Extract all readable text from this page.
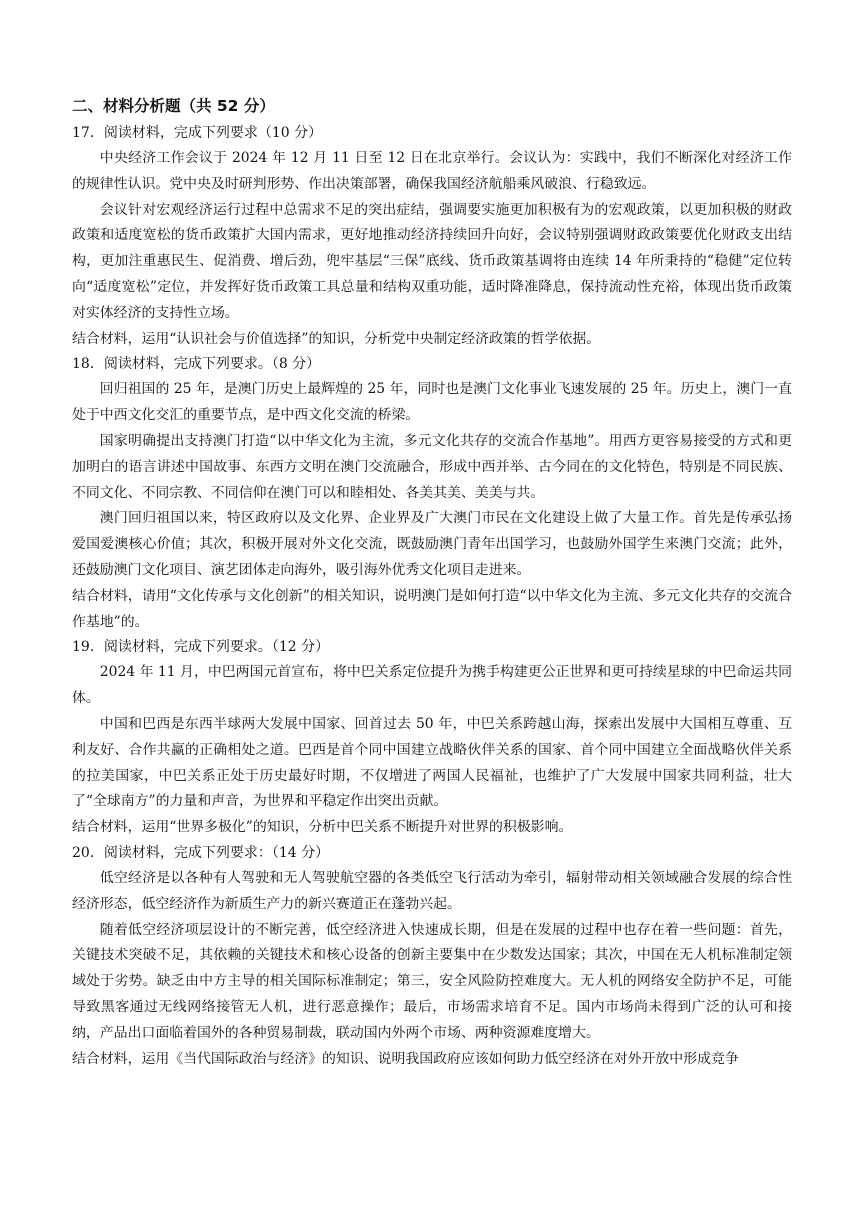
二、材料分析题（共 52 分）

17．阅读材料，完成下列要求（10 分）

中央经济工作会议于 2024 年 12 月 11 日至 12 日在北京举行。会议认为：实践中，我们不断深化对经济工作的规律性认识。党中央及时研判形势、作出决策部署，确保我国经济航船乘风破浪、行稳致远。

会议针对宏观经济运行过程中总需求不足的突出症结，强调要实施更加积极有为的宏观政策，以更加积极的财政政策和适度宽松的货币政策扩大国内需求，更好地推动经济持续回升向好，会议特别强调财政政策要优化财政支出结构，更加注重惠民生、促消费、增后劲，兜牢基层“三保”底线、货币政策基调将由连续 14 年所秉持的“稳健”定位转向“适度宽松”定位，并发挥好货币政策工具总量和结构双重功能，适时降准降息，保持流动性充裕，体现出货币政策对实体经济的支持性立场。

结合材料，运用“认识社会与价值选择”的知识，分析党中央制定经济政策的哲学依据。

18．阅读材料，完成下列要求。（8 分）

回归祖国的 25 年，是澳门历史上最辉煌的 25 年，同时也是澳门文化事业飞速发展的 25 年。历史上，澳门一直处于中西文化交汇的重要节点，是中西文化交流的桥梁。

国家明确提出支持澳门打造“以中华文化为主流，多元文化共存的交流合作基地”。用西方更容易接受的方式和更加明白的语言讲述中国故事、东西方文明在澳门交流融合，形成中西并举、古今同在的文化特色，特别是不同民族、不同文化、不同宗教、不同信仰在澳门可以和睦相处、各美其美、美美与共。

澳门回归祖国以来，特区政府以及文化界、企业界及广大澳门市民在文化建设上做了大量工作。首先是传承弘扬爱国爱澳核心价值；其次，积极开展对外文化交流，既鼓励澳门青年出国学习，也鼓励外国学生来澳门交流；此外，还鼓励澳门文化项目、演艺团体走向海外，吸引海外优秀文化项目走进来。

结合材料，请用“文化传承与文化创新”的相关知识，说明澳门是如何打造“以中华文化为主流、多元文化共存的交流合作基地”的。

19．阅读材料，完成下列要求。（12 分）

2024 年 11 月，中巴两国元首宣布，将中巴关系定位提升为携手构建更公正世界和更可持续星球的中巴命运共同体。

中国和巴西是东西半球两大发展中国家、回首过去 50 年，中巴关系跨越山海，探索出发展中大国相互尊重、互利友好、合作共赢的正确相处之道。巴西是首个同中国建立战略伙伴关系的国家、首个同中国建立全面战略伙伴关系的拉美国家，中巴关系正处于历史最好时期，不仅增进了两国人民福祉，也维护了广大发展中国家共同利益，壮大了“全球南方”的力量和声音，为世界和平稳定作出突出贡献。

结合材料，运用“世界多极化”的知识，分析中巴关系不断提升对世界的积极影响。

20．阅读材料，完成下列要求：（14 分）

低空经济是以各种有人驾驶和无人驾驶航空器的各类低空飞行活动为牵引，辐射带动相关领域融合发展的综合性经济形态，低空经济作为新质生产力的新兴赛道正在蓬勃兴起。

随着低空经济项层设计的不断完善，低空经济进入快速成长期，但是在发展的过程中也存在着一些问题：首先，关键技术突破不足，其依赖的关键技术和核心设备的创新主要集中在少数发达国家；其次，中国在无人机标准制定领域处于劣势。缺乏由中方主导的相关国际标准制定；第三，安全风险防控难度大。无人机的网络安全防护不足，可能导致黑客通过无线网络接管无人机，进行恶意操作；最后，市场需求培育不足。国内市场尚未得到广泛的认可和接纳，产品出口面临着国外的各种贸易制裁，联动国内外两个市场、两种资源难度增大。

结合材料，运用《当代国际政治与经济》的知识、说明我国政府应该如何助力低空经济在对外开放中形成竞争
